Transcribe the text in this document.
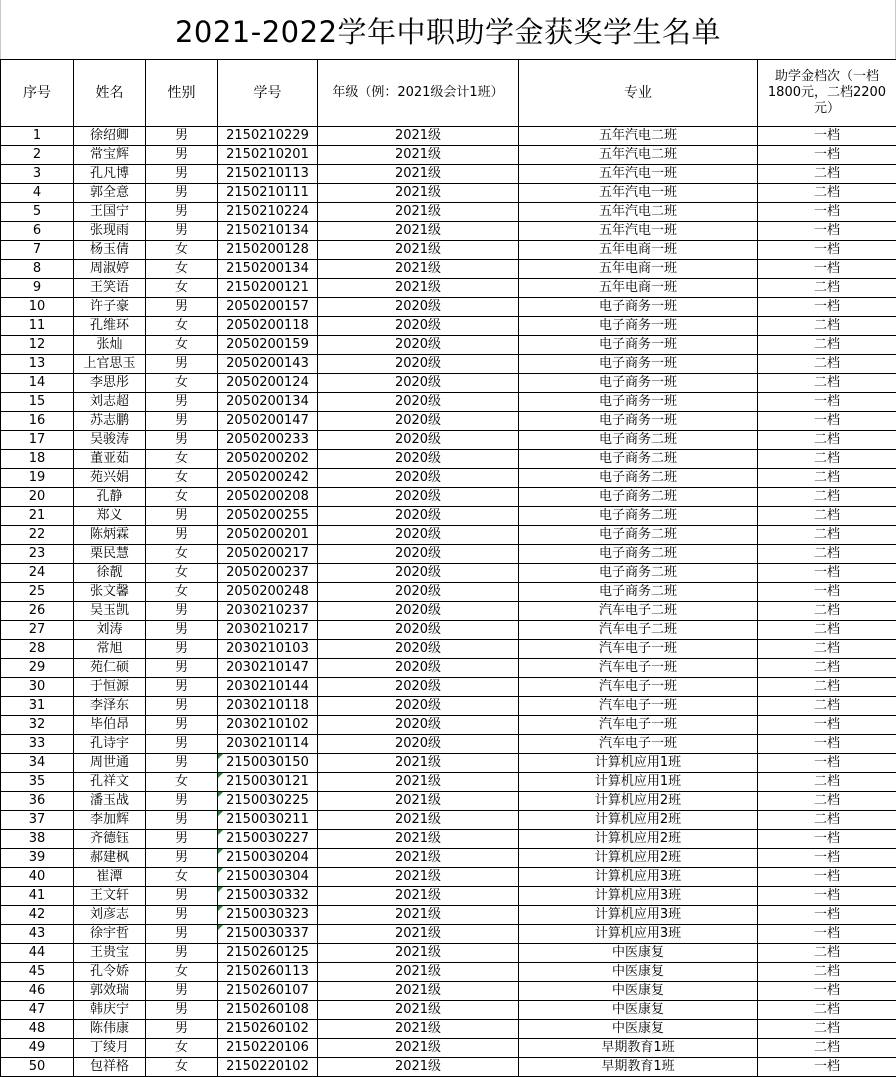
2021-2022学年中职助学金获奖学生名单
序号	姓名	性别	学号	年级（例：2021级会计1班）	专业	助学金档次（一档1800元，二档2200元）
1	徐绍卿	男	2150210229	2021级	五年汽电二班	一档
2	常宝辉	男	2150210201	2021级	五年汽电二班	一档
3	孔凡博	男	2150210113	2021级	五年汽电一班	二档
4	郭全意	男	2150210111	2021级	五年汽电一班	二档
5	王国宁	男	2150210224	2021级	五年汽电二班	一档
6	张现雨	男	2150210134	2021级	五年汽电一班	一档
7	杨玉倩	女	2150200128	2021级	五年电商一班	一档
8	周淑婷	女	2150200134	2021级	五年电商一班	一档
9	王笑语	女	2150200121	2021级	五年电商一班	二档
10	许子豪	男	2050200157	2020级	电子商务一班	一档
11	孔维环	女	2050200118	2020级	电子商务一班	二档
12	张灿	女	2050200159	2020级	电子商务一班	二档
13	上官思玉	男	2050200143	2020级	电子商务一班	二档
14	李思彤	女	2050200124	2020级	电子商务一班	二档
15	刘志超	男	2050200134	2020级	电子商务一班	一档
16	苏志鹏	男	2050200147	2020级	电子商务一班	一档
17	吴骏涛	男	2050200233	2020级	电子商务二班	二档
18	董亚茹	女	2050200202	2020级	电子商务二班	二档
19	苑兴娟	女	2050200242	2020级	电子商务二班	二档
20	孔静	女	2050200208	2020级	电子商务二班	二档
21	郑义	男	2050200255	2020级	电子商务二班	二档
22	陈炳霖	男	2050200201	2020级	电子商务二班	二档
23	栗民慧	女	2050200217	2020级	电子商务二班	二档
24	徐靓	女	2050200237	2020级	电子商务二班	一档
25	张文馨	女	2050200248	2020级	电子商务二班	一档
26	吴玉凯	男	2030210237	2020级	汽车电子二班	二档
27	刘涛	男	2030210217	2020级	汽车电子二班	二档
28	常旭	男	2030210103	2020级	汽车电子一班	二档
29	苑仁硕	男	2030210147	2020级	汽车电子一班	二档
30	于恒源	男	2030210144	2020级	汽车电子一班	二档
31	李泽东	男	2030210118	2020级	汽车电子一班	二档
32	毕伯昂	男	2030210102	2020级	汽车电子一班	一档
33	孔诗宇	男	2030210114	2020级	汽车电子一班	一档
34	周世通	男	2150030150	2021级	计算机应用1班	一档
35	孔祥文	女	2150030121	2021级	计算机应用1班	二档
36	潘玉战	男	2150030225	2021级	计算机应用2班	二档
37	李加辉	男	2150030211	2021级	计算机应用2班	二档
38	齐德钰	男	2150030227	2021级	计算机应用2班	一档
39	郝建枫	男	2150030204	2021级	计算机应用2班	一档
40	崔潭	女	2150030304	2021级	计算机应用3班	一档
41	王文轩	男	2150030332	2021级	计算机应用3班	一档
42	刘彦志	男	2150030323	2021级	计算机应用3班	一档
43	徐宇哲	男	2150030337	2021级	计算机应用3班	一档
44	王贵宝	男	2150260125	2021级	中医康复	二档
45	孔令娇	女	2150260113	2021级	中医康复	二档
46	郭效瑞	男	2150260107	2021级	中医康复	一档
47	韩庆宁	男	2150260108	2021级	中医康复	二档
48	陈伟康	男	2150260102	2021级	中医康复	二档
49	丁绫月	女	2150220106	2021级	早期教育1班	二档
50	包祥格	女	2150220102	2021级	早期教育1班	一档
